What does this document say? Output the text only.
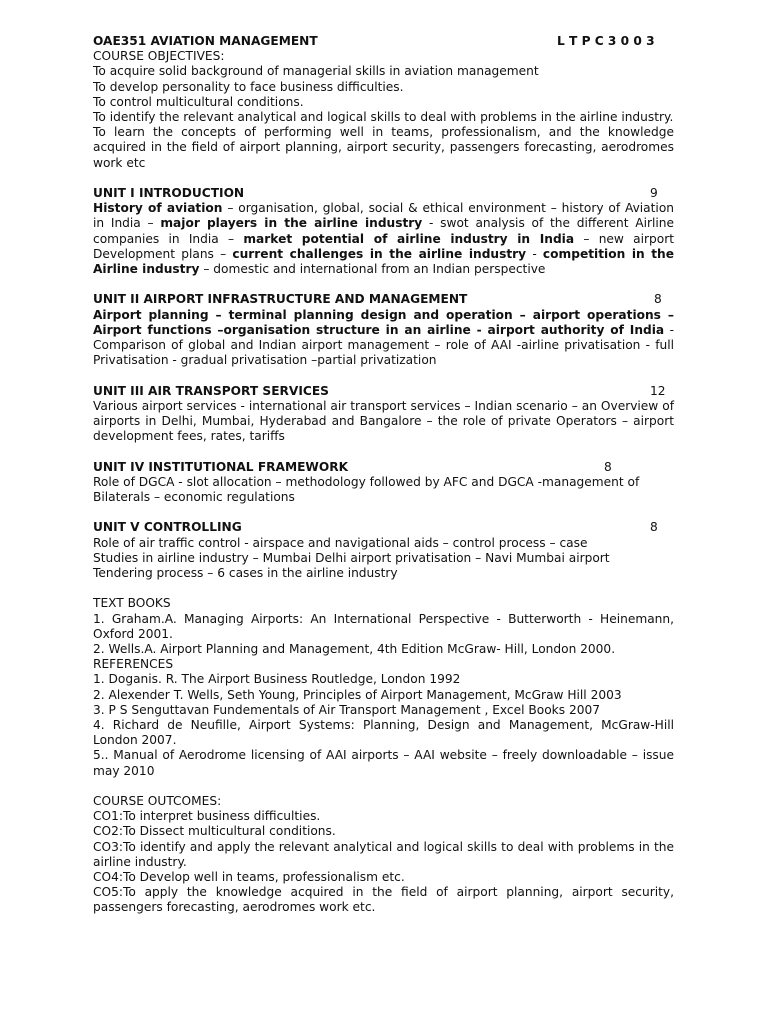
OAE351 AVIATION MANAGEMENT	L T P C 3 0 0 3
COURSE OBJECTIVES:
To acquire solid background of managerial skills in aviation management
To develop personality to face business difficulties.
To control multicultural conditions.
To identify the relevant analytical and logical skills to deal with problems in the airline industry.
To learn the concepts of performing well in teams, professionalism, and the knowledge acquired in the field of airport planning, airport security, passengers forecasting, aerodromes work etc
UNIT I INTRODUCTION	9
History of aviation – organisation, global, social & ethical environment – history of Aviation in India – major players in the airline industry - swot analysis of the different Airline companies in India – market potential of airline industry in India – new airport Development plans – current challenges in the airline industry - competition in the Airline industry – domestic and international from an Indian perspective
UNIT II AIRPORT INFRASTRUCTURE AND MANAGEMENT	8
Airport planning – terminal planning design and operation – airport operations – Airport functions –organisation structure in an airline - airport authority of India - Comparison of global and Indian airport management – role of AAI -airline privatisation - full Privatisation - gradual privatisation –partial privatization
UNIT III AIR TRANSPORT SERVICES	12
Various airport services - international air transport services – Indian scenario – an Overview of airports in Delhi, Mumbai, Hyderabad and Bangalore – the role of private Operators – airport development fees, rates, tariffs
UNIT IV INSTITUTIONAL FRAMEWORK	8
Role of DGCA - slot allocation – methodology followed by AFC and DGCA -management of
Bilaterals – economic regulations
UNIT V CONTROLLING	8
Role of air traffic control - airspace and navigational aids – control process – case
Studies in airline industry – Mumbai Delhi airport privatisation – Navi Mumbai airport
Tendering process – 6 cases in the airline industry
TEXT BOOKS
1. Graham.A. Managing Airports: An International Perspective - Butterworth - Heinemann, Oxford 2001.
2. Wells.A. Airport Planning and Management, 4th Edition McGraw- Hill, London 2000.
REFERENCES
1. Doganis. R. The Airport Business Routledge, London 1992
2. Alexender T. Wells, Seth Young, Principles of Airport Management, McGraw Hill 2003
3. P S Senguttavan Fundementals of Air Transport Management , Excel Books 2007
4. Richard de Neufille, Airport Systems: Planning, Design and Management, McGraw-Hill London 2007.
5.. Manual of Aerodrome licensing of AAI airports – AAI website – freely downloadable – issue may 2010
COURSE OUTCOMES:
CO1:To interpret business difficulties.
CO2:To Dissect multicultural conditions.
CO3:To identify and apply the relevant analytical and logical skills to deal with problems in the airline industry.
CO4:To Develop well in teams, professionalism etc.
CO5:To apply the knowledge acquired in the field of airport planning, airport security, passengers forecasting, aerodromes work etc.
